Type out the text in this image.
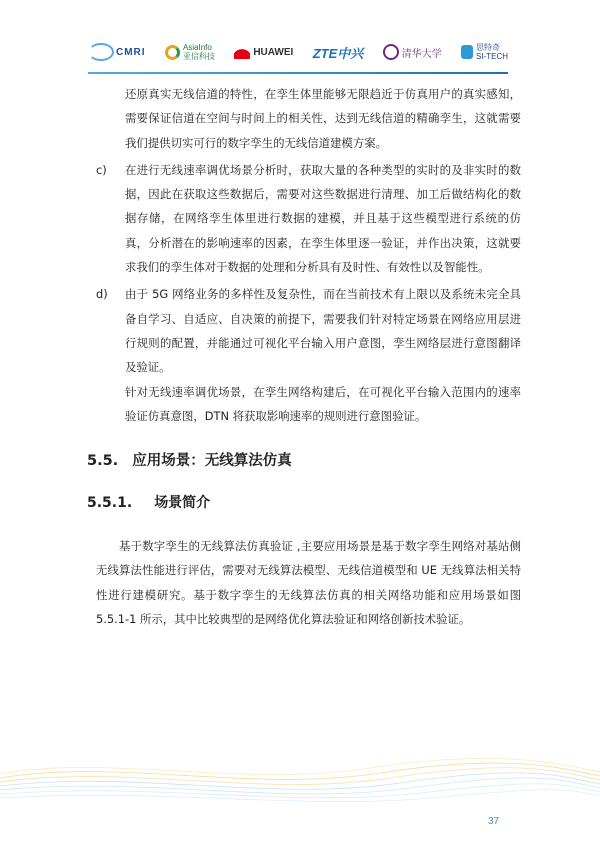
CMRI	AsiaInfo
亚信科技	HUAWEI ZTE中兴	清华大学
思特奇
SI-TECH

还原真实无线信道的特性，在孪生体里能够无限趋近于仿真用户的真实感知，需要保证信道在空间与时间上的相关性，达到无线信道的精确孪生，这就需要我们提供切实可行的数字孪生的无线信道建模方案。

c)	在进行无线速率调优场景分析时，获取大量的各种类型的实时的及非实时的数据，因此在获取这些数据后，需要对这些数据进行清理、加工后做结构化的数据存储，在网络孪生体里进行数据的建模，并且基于这些模型进行系统的仿真，分析潜在的影响速率的因素，在孪生体里逐一验证，并作出决策，这就要求我们的孪生体对于数据的处理和分析具有及时性、有效性以及智能性。

d)	由于 5G 网络业务的多样性及复杂性，而在当前技术有上限以及系统未完全具备自学习、自适应、自决策的前提下，需要我们针对特定场景在网络应用层进行规则的配置，并能通过可视化平台输入用户意图，孪生网络层进行意图翻译及验证。

针对无线速率调优场景，在孪生网络构建后，在可视化平台输入范围内的速率验证仿真意图，DTN 将获取影响速率的规则进行意图验证。

5.5. 应用场景：无线算法仿真
5.5.1. 场景简介

基于数字孪生的无线算法仿真验证 ,主要应用场景是基于数字孪生网络对基站侧无线算法性能进行评估，需要对无线算法模型、无线信道模型和 UE 无线算法相关特性进行建模研究。基于数字孪生的无线算法仿真的相关网络功能和应用场景如图 5.5.1-1 所示，其中比较典型的是网络优化算法验证和网络创新技术验证。

37
